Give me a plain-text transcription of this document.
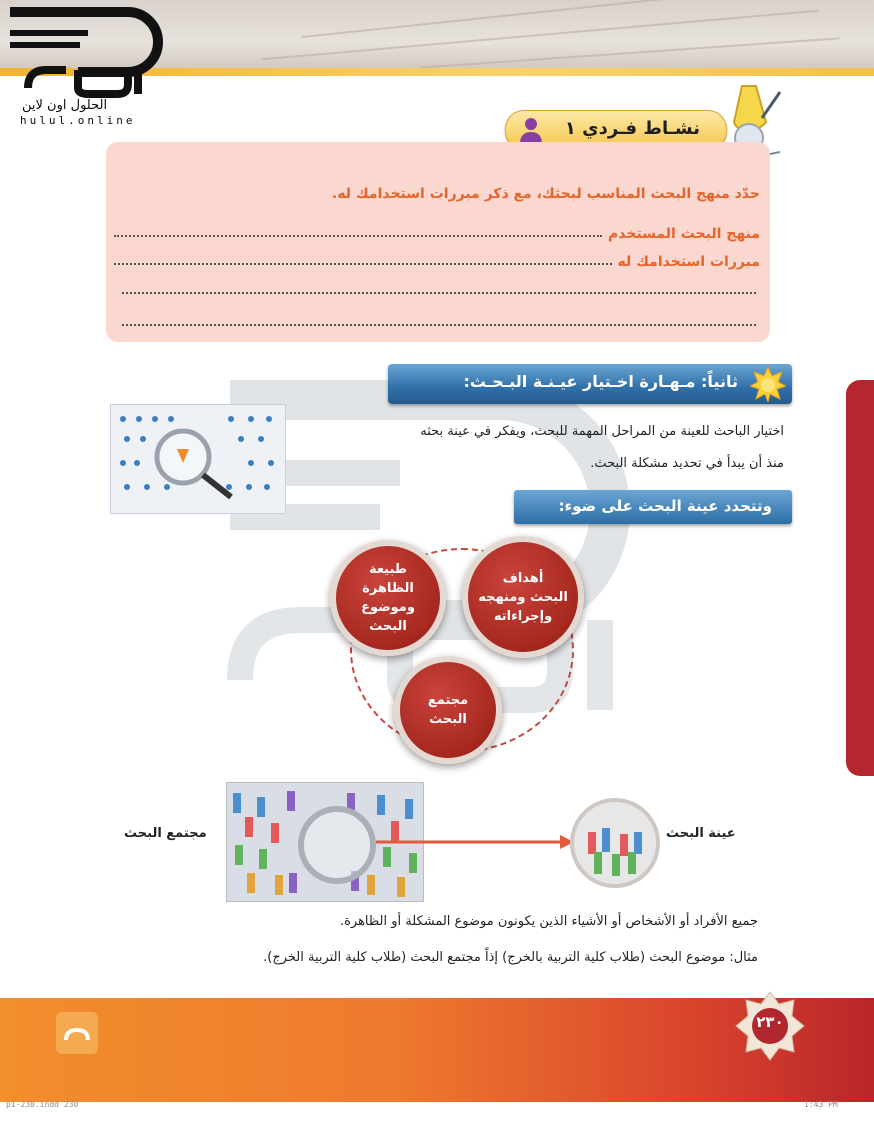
الحلول اون لاين
hulul.online	نشـاط فـردي ١
حدّد منهج البحث المناسب لبحثك، مع ذكر مبررات استخدامك له.
منهج البحث المستخدم
مبررات استخدامك له
ثانياً: مـهـارة اخـتيار عيـنـة البـحـث:
اختيار الباحث للعينة من المراحل المهمة للبحث، ويفكر في عينة بحثه
منذ أن يبدأ في تحديد مشكلة البحث.
وتتحدد عينة البحث على ضوء:
طبيعة
الظاهرة
وموضوع
البحث
أهداف
البحث ومنهجه
وإجراءاته
مجتمع
البحث
مجتمع البحث	عينة البحث
جميع الأفراد أو الأشخاص أو الأشياء الذين يكونون موضوع المشكلة أو الظاهرة.
مثال: موضوع البحث (طلاب كلية التربية بالخرج) إذاً مجتمع البحث (طلاب كلية التربية الخرج).
٢٣٠
p1-230.indd 230	1:43 PM
